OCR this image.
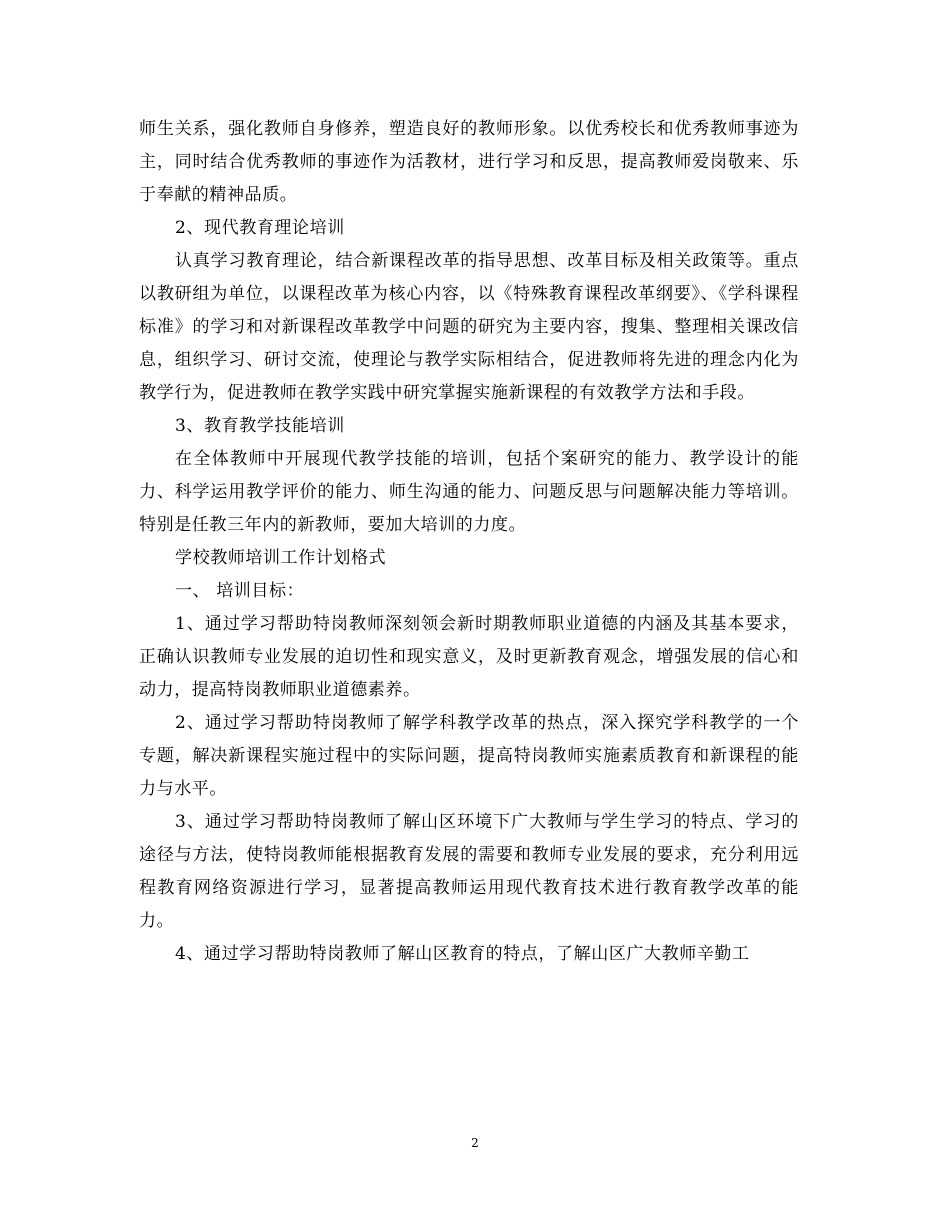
师生关系，强化教师自身修养，塑造良好的教师形象。以优秀校长和优秀教师事迹为主，同时结合优秀教师的事迹作为活教材，进行学习和反思，提高教师爱岗敬来、乐于奉献的精神品质。

2、现代教育理论培训

认真学习教育理论，结合新课程改革的指导思想、改革目标及相关政策等。重点以教研组为单位，以课程改革为核心内容，以《特殊教育课程改革纲要》、《学科课程标准》的学习和对新课程改革教学中问题的研究为主要内容，搜集、整理相关课改信息，组织学习、研讨交流，使理论与教学实际相结合，促进教师将先进的理念内化为教学行为，促进教师在教学实践中研究掌握实施新课程的有效教学方法和手段。

3、教育教学技能培训

在全体教师中开展现代教学技能的培训，包括个案研究的能力、教学设计的能力、科学运用教学评价的能力、师生沟通的能力、问题反思与问题解决能力等培训。特别是任教三年内的新教师，要加大培训的力度。

学校教师培训工作计划格式

一、 培训目标：

1、通过学习帮助特岗教师深刻领会新时期教师职业道德的内涵及其基本要求，正确认识教师专业发展的迫切性和现实意义，及时更新教育观念，增强发展的信心和动力，提高特岗教师职业道德素养。

2、通过学习帮助特岗教师了解学科教学改革的热点，深入探究学科教学的一个专题，解决新课程实施过程中的实际问题，提高特岗教师实施素质教育和新课程的能力与水平。

3、通过学习帮助特岗教师了解山区环境下广大教师与学生学习的特点、学习的途径与方法，使特岗教师能根据教育发展的需要和教师专业发展的要求，充分利用远程教育网络资源进行学习，显著提高教师运用现代教育技术进行教育教学改革的能力。

4、通过学习帮助特岗教师了解山区教育的特点，了解山区广大教师辛勤工

2
